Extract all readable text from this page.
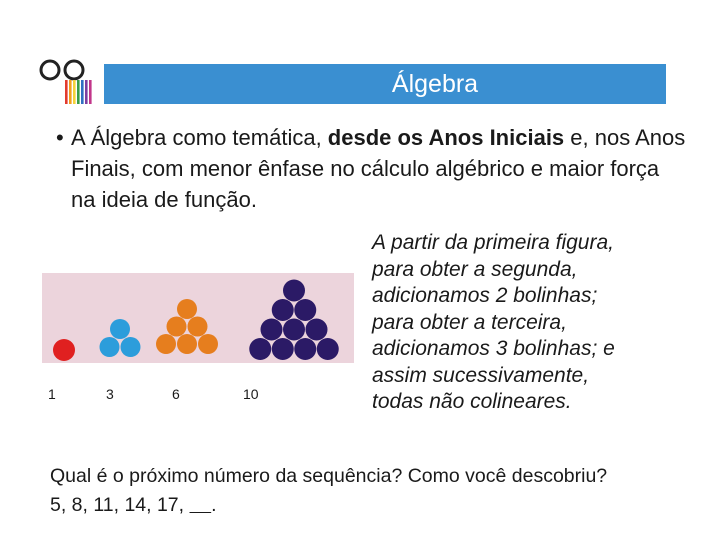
Álgebra
• A Álgebra como temática, desde os Anos Iniciais e, nos Anos Finais, com menor ênfase no cálculo algébrico e maior força na ideia de função.
1	3	6	10
A partir da primeira figura,
para obter a segunda,
adicionamos 2 bolinhas;
para obter a terceira,
adicionamos 3 bolinhas; e
assim sucessivamente,
todas não colineares.
Qual é o próximo número da sequência? Como você descobriu?
5, 8, 11, 14, 17,     .
